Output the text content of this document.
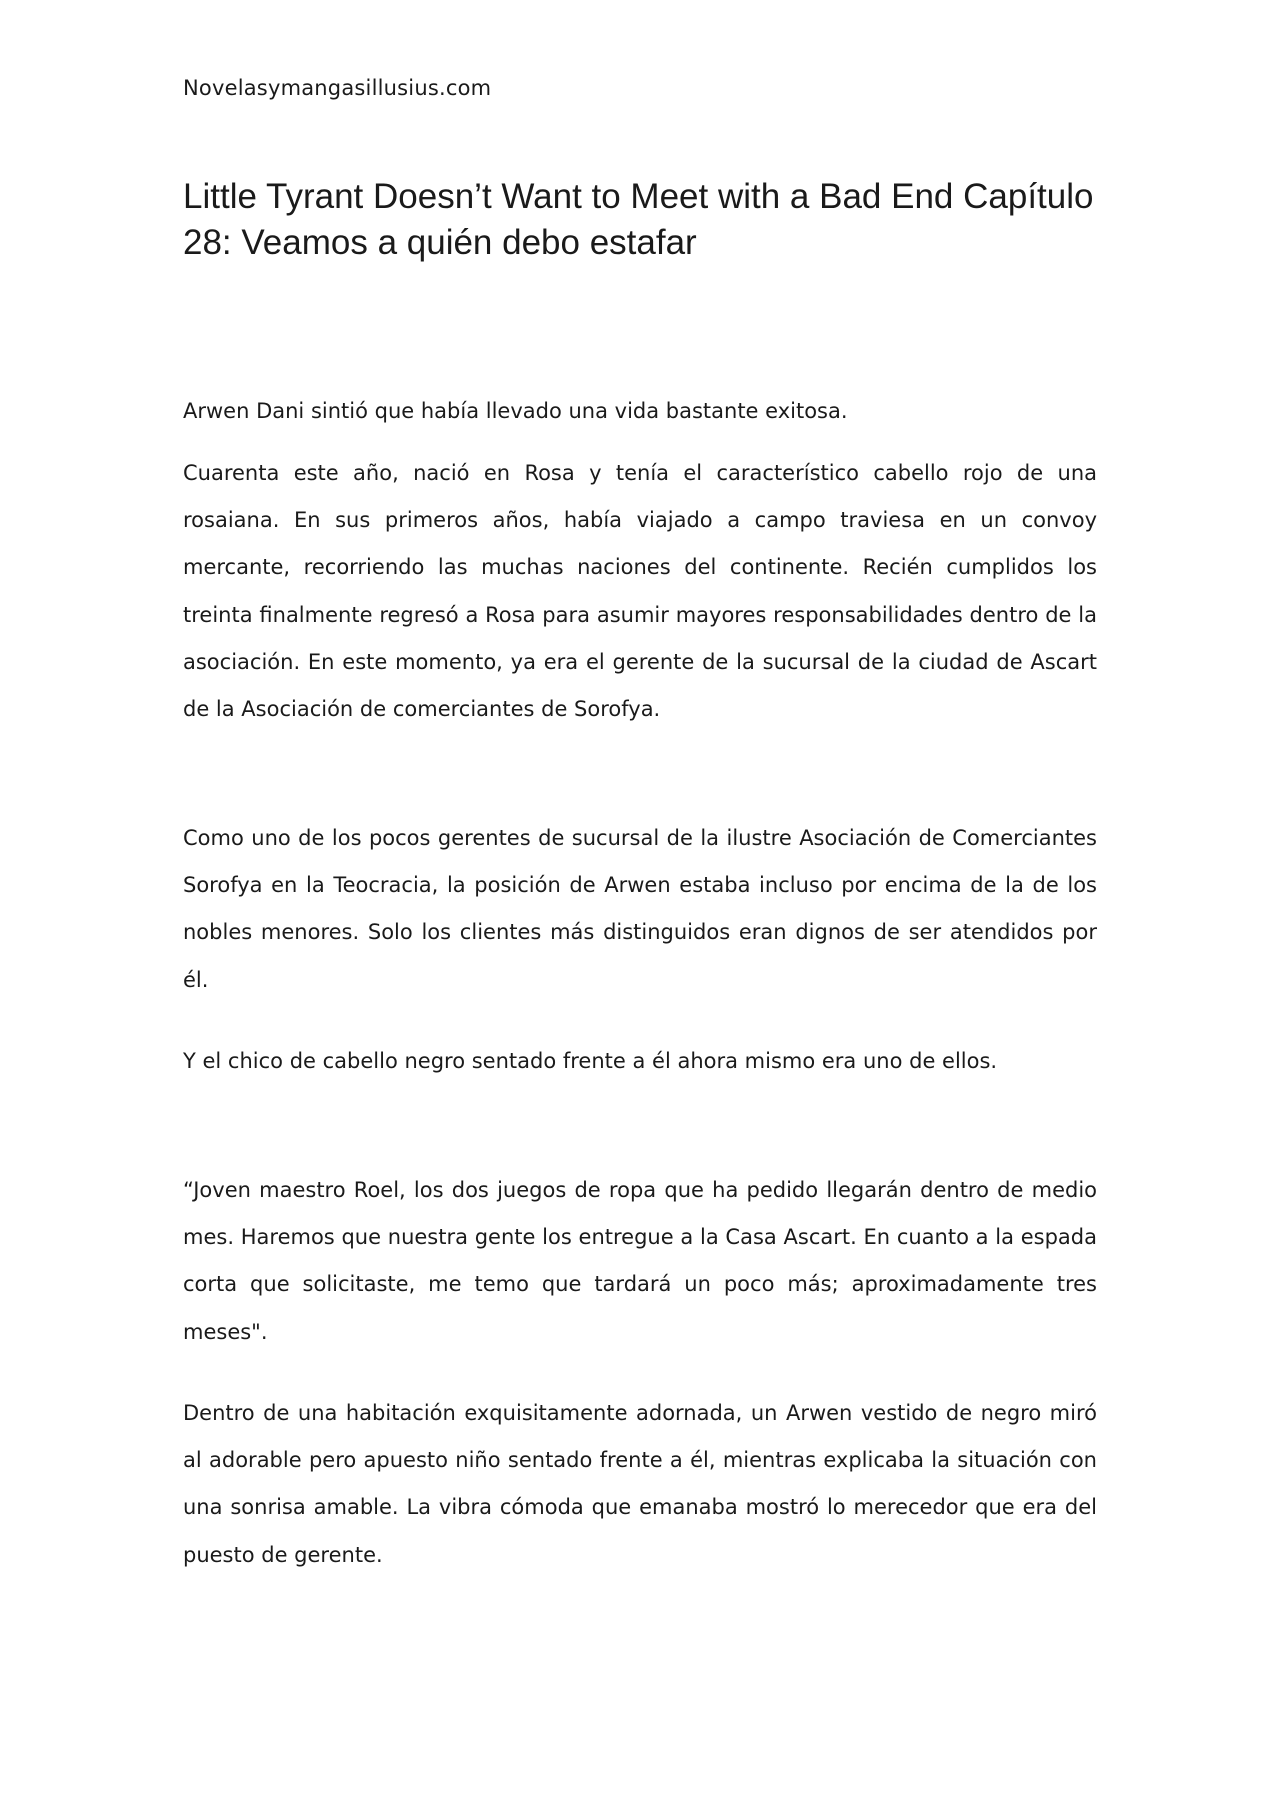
Novelasymangasillusius.com
Little Tyrant Doesn’t Want to Meet with a Bad End Capítulo 28: Veamos a quién debo estafar

Arwen Dani sintió que había llevado una vida bastante exitosa.

Cuarenta este año, nació en Rosa y tenía el característico cabello rojo de una rosaiana. En sus primeros años, había viajado a campo traviesa en un convoy mercante, recorriendo las muchas naciones del continente. Recién cumplidos los treinta finalmente regresó a Rosa para asumir mayores responsabilidades dentro de la asociación. En este momento, ya era el gerente de la sucursal de la ciudad de Ascart de la Asociación de comerciantes de Sorofya.

Como uno de los pocos gerentes de sucursal de la ilustre Asociación de Comerciantes Sorofya en la Teocracia, la posición de Arwen estaba incluso por encima de la de los nobles menores. Solo los clientes más distinguidos eran dignos de ser atendidos por él.

Y el chico de cabello negro sentado frente a él ahora mismo era uno de ellos.

“Joven maestro Roel, los dos juegos de ropa que ha pedido llegarán dentro de medio mes. Haremos que nuestra gente los entregue a la Casa Ascart. En cuanto a la espada corta que solicitaste, me temo que tardará un poco más; aproximadamente tres meses".

Dentro de una habitación exquisitamente adornada, un Arwen vestido de negro miró al adorable pero apuesto niño sentado frente a él, mientras explicaba la situación con una sonrisa amable. La vibra cómoda que emanaba mostró lo merecedor que era del puesto de gerente.
